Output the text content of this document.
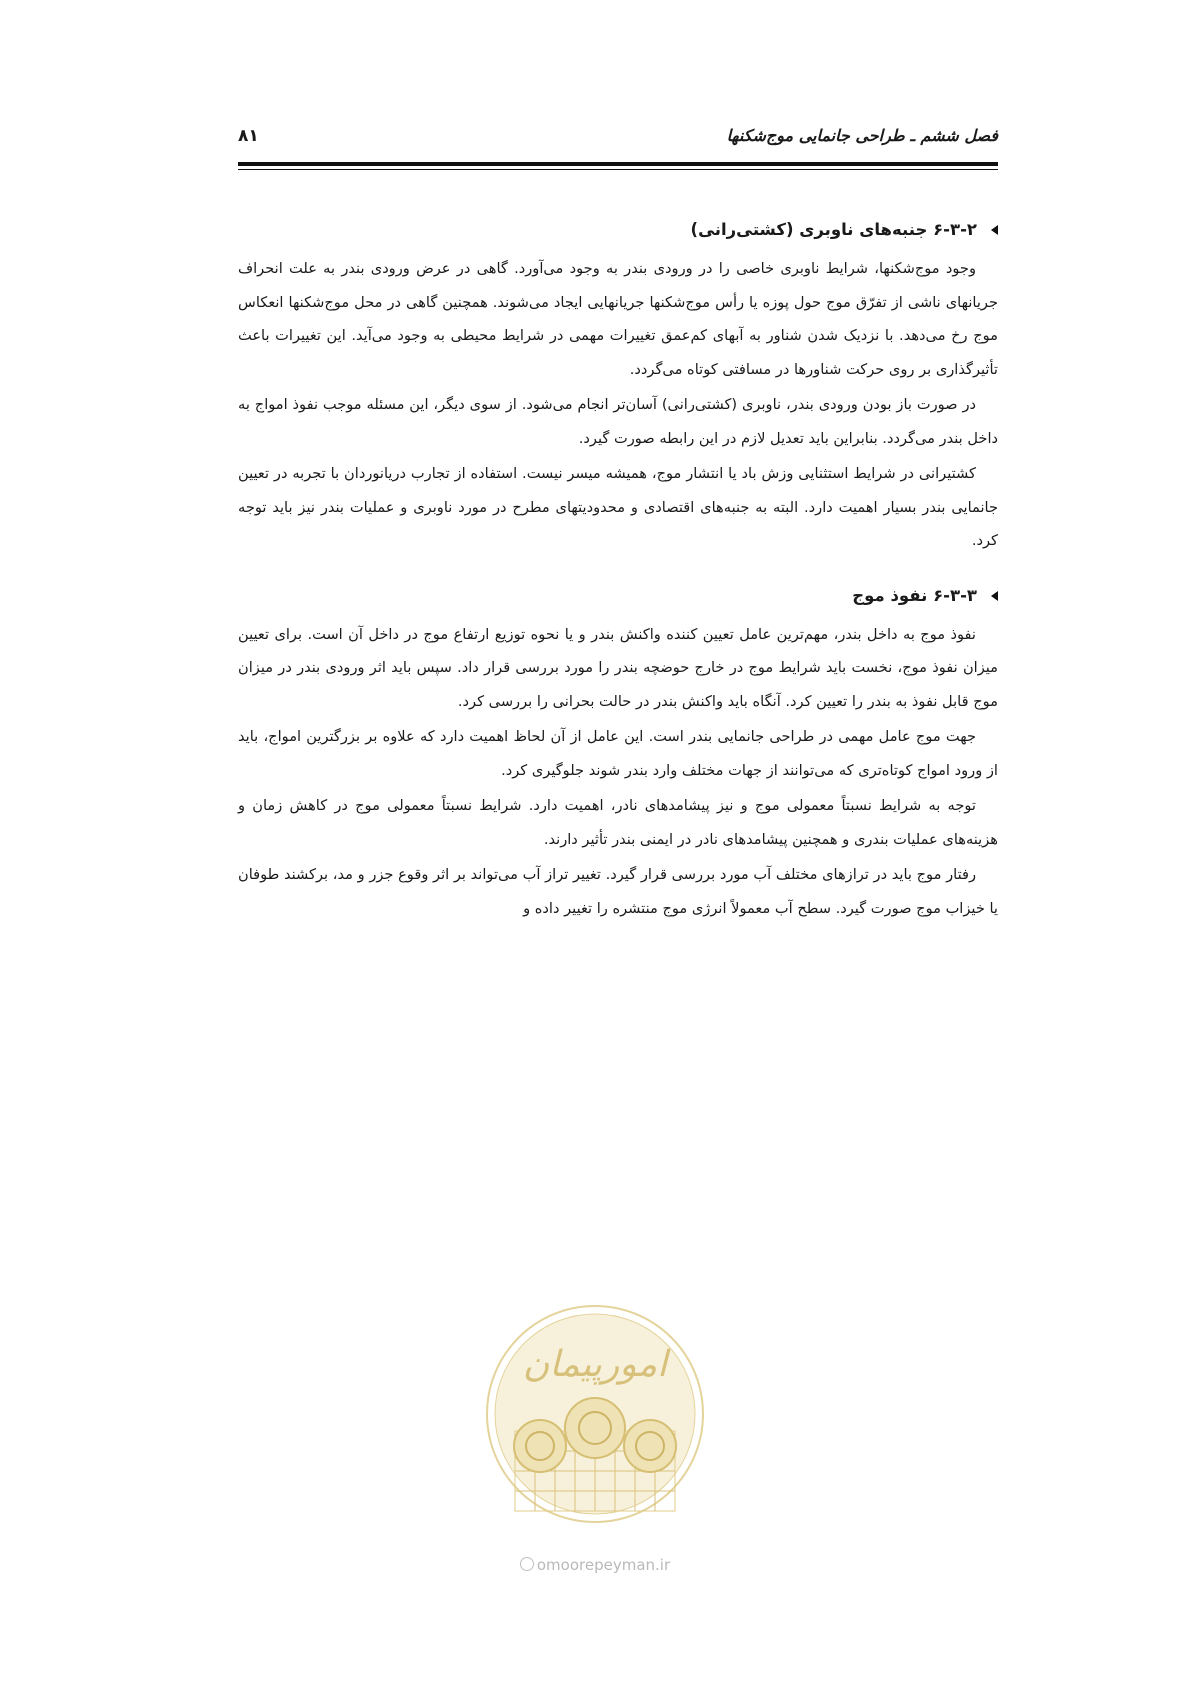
فصل ششم ـ طراحی جانمایی موج‌شکنها
۸۱
۶-۳-۲ جنبه‌های ناوبری (کشتی‌رانی)

وجود موج‌شکنها، شرایط ناوبری خاصی را در ورودی بندر به وجود می‌آورد. گاهی در عرض ورودی بندر به علت انحراف جریانهای ناشی از تفرّق موج حول پوزه یا رأس موج‌شکنها جریانهایی ایجاد می‌شوند. همچنین گاهی در محل موج‌شکنها انعکاس موج رخ می‌دهد. با نزدیک شدن شناور به آبهای کم‌عمق تغییرات مهمی در شرایط محیطی به وجود می‌آید. این تغییرات باعث تأثیرگذاری بر روی حرکت شناورها در مسافتی کوتاه می‌گردد.

در صورت باز بودن ورودی بندر، ناوبری (کشتی‌رانی) آسان‌تر انجام می‌شود. از سوی دیگر، این مسئله موجب نفوذ امواج به داخل بندر می‌گردد. بنابراین باید تعدیل لازم در این رابطه صورت گیرد.

کشتیرانی در شرایط استثنایی وزش باد یا انتشار موج، همیشه میسر نیست. استفاده از تجارب دریانوردان با تجربه در تعیین جانمایی بندر بسیار اهمیت دارد. البته به جنبه‌های اقتصادی و محدودیتهای مطرح در مورد ناوبری و عملیات بندر نیز باید توجه کرد.

۶-۳-۳ نفوذ موج

نفوذ موج به داخل بندر، مهم‌ترین عامل تعیین کننده واکنش بندر و یا نحوه توزیع ارتفاع موج در داخل آن است. برای تعیین میزان نفوذ موج، نخست باید شرایط موج در خارج حوضچه بندر را مورد بررسی قرار داد. سپس باید اثر ورودی بندر در میزان موج قابل نفوذ به بندر را تعیین کرد. آنگاه باید واکنش بندر در حالت بحرانی را بررسی کرد.

جهت موج عامل مهمی در طراحی جانمایی بندر است. این عامل از آن لحاظ اهمیت دارد که علاوه بر بزرگترین امواج، باید از ورود امواج کوتاه‌تری که می‌توانند از جهات مختلف وارد بندر شوند جلوگیری کرد.

توجه به شرایط نسبتاً معمولی موج و نیز پیشامدهای نادر، اهمیت دارد. شرایط نسبتاً معمولی موج در کاهش زمان و هزینه‌های عملیات بندری و همچنین پیشامدهای نادر در ایمنی بندر تأثیر دارند.

رفتار موج باید در ترازهای مختلف آب مورد بررسی قرار گیرد. تغییر تراز آب می‌تواند بر اثر وقوع جزر و مد، برکشند طوفان یا خیزاب موج صورت گیرد. سطح آب معمولاً انرژی موج منتشره را تغییر داده و

امورپیمان
omoorepeyman.ir
